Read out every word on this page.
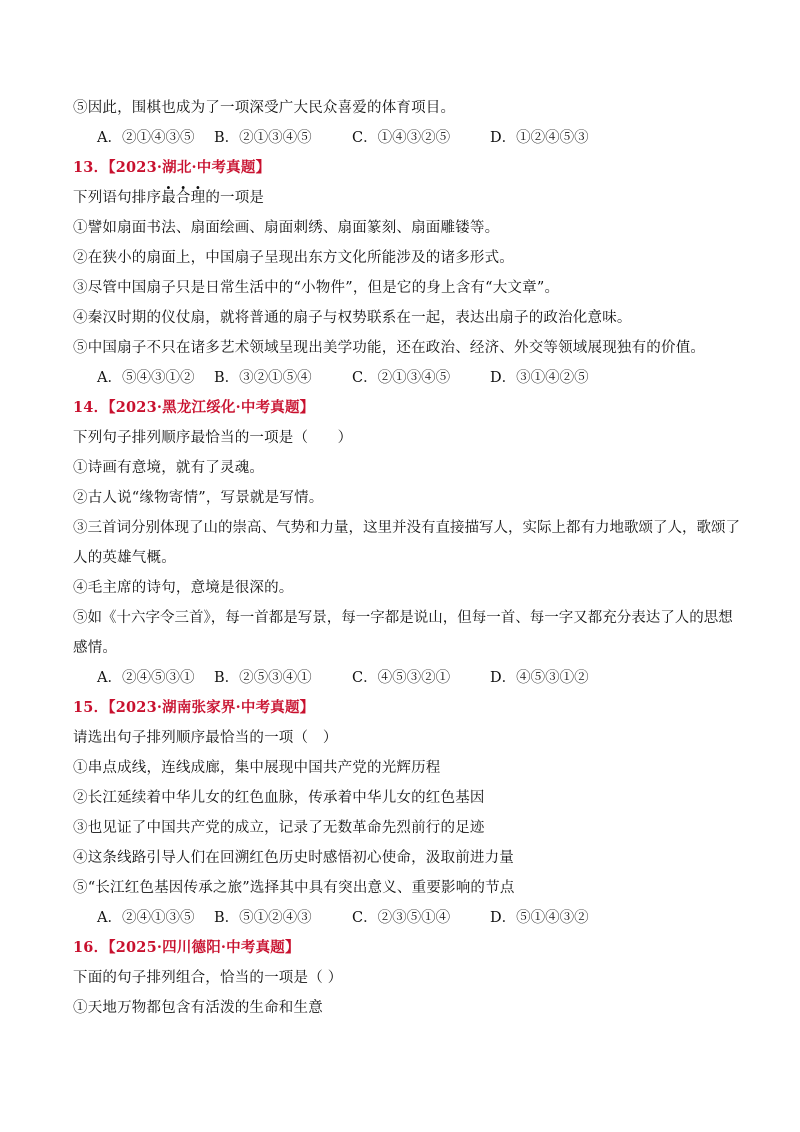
⑤因此，围棋也成为了一项深受广大民众喜爱的体育项目。
A．②①④③⑤ B．②①③④⑤	C．①④③②⑤	D．①②④⑤③
13．【2023·湖北·中考真题】
下列语句排序最合理的一项是
①譬如扇面书法、扇面绘画、扇面刺绣、扇面篆刻、扇面雕镂等。
②在狭小的扇面上，中国扇子呈现出东方文化所能涉及的诸多形式。
③尽管中国扇子只是日常生活中的“小物件”，但是它的身上含有“大文章”。
④秦汉时期的仪仗扇，就将普通的扇子与权势联系在一起，表达出扇子的政治化意味。
⑤中国扇子不只在诸多艺术领域呈现出美学功能，还在政治、经济、外交等领域展现独有的价值。
A．⑤④③①② B．③②①⑤④	C．②①③④⑤	D．③①④②⑤
14．【2023·黑龙江绥化·中考真题】
下列句子排列顺序最恰当的一项是（　　）
①诗画有意境，就有了灵魂。
②古人说“缘物寄情”，写景就是写情。
③三首词分别体现了山的崇高、气势和力量，这里并没有直接描写人，实际上都有力地歌颂了人，歌颂了
人的英雄气概。
④毛主席的诗句，意境是很深的。
⑤如《十六字令三首》，每一首都是写景，每一字都是说山，但每一首、每一字又都充分表达了人的思想
感情。
A．②④⑤③① B．②⑤③④①	C．④⑤③②①	D．④⑤③①②
15．【2023·湖南张家界·中考真题】
请选出句子排列顺序最恰当的一项（　）
①串点成线，连线成廊，集中展现中国共产党的光辉历程
②长江延续着中华儿女的红色血脉，传承着中华儿女的红色基因
③也见证了中国共产党的成立，记录了无数革命先烈前行的足迹
④这条线路引导人们在回溯红色历史时感悟初心使命，汲取前进力量
⑤“长江红色基因传承之旅”选择其中具有突出意义、重要影响的节点
A．②④①③⑤ B．⑤①②④③	C．②③⑤①④	D．⑤①④③②
16．【2025·四川德阳·中考真题】
下面的句子排列组合，恰当的一项是（ ）
①天地万物都包含有活泼的生命和生意
